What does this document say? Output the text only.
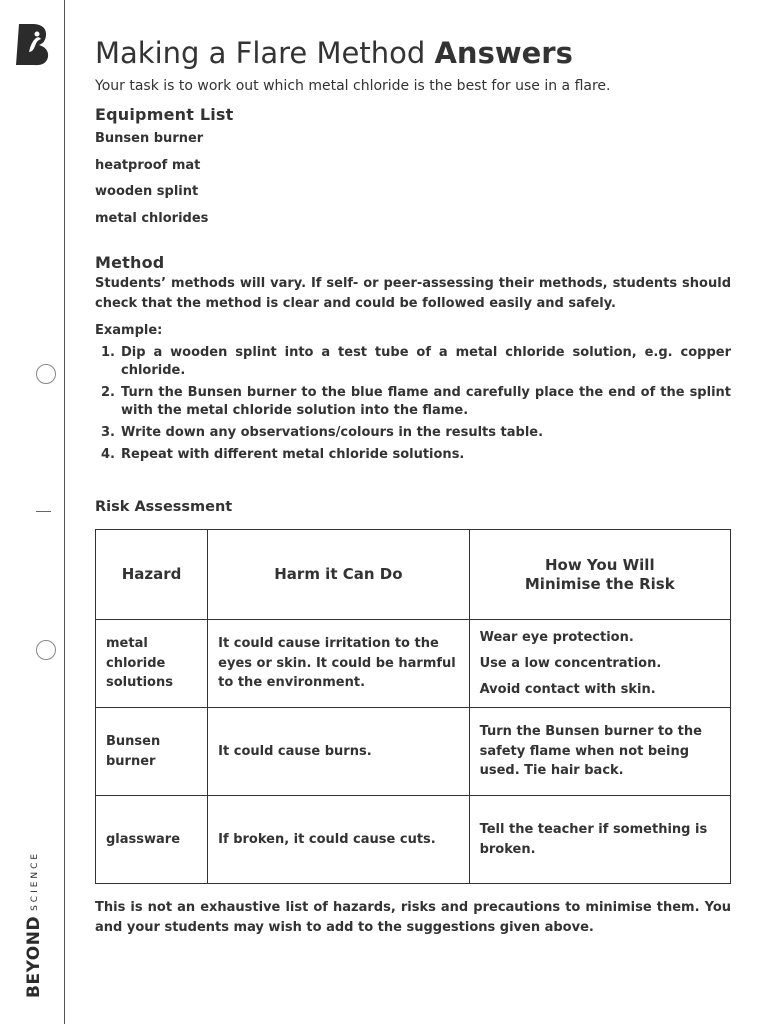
BEYONDSCIENCE
Making a Flare Method Answers

Your task is to work out which metal chloride is the best for use in a flare.

Equipment List
Bunsen burner
heatproof mat
wooden splint
metal chlorides
Method

Students’ methods will vary. If self- or peer-assessing their methods, students should check that the method is clear and could be followed easily and safely.

Example:

1. Dip a wooden splint into a test tube of a metal chloride solution, e.g. copper chloride.
2. Turn the Bunsen burner to the blue flame and carefully place the end of the splint with the metal chloride solution into the flame.
3. Write down any observations/colours in the results table.
4. Repeat with different metal chloride solutions.
Risk Assessment
Hazard	Harm it Can Do	How You Will Minimise the Risk
metal chloride solutions	It could cause irritation to the eyes or skin. It could be harmful to the environment.	Wear eye protection.
Use a low concentration.
Avoid contact with skin.

Bunsen burner	It could cause burns.	Turn the Bunsen burner to the safety flame when not being used. Tie hair back.
glassware	If broken, it could cause cuts.	Tell the teacher if something is broken.

This is not an exhaustive list of hazards, risks and precautions to minimise them. You and your students may wish to add to the suggestions given above.
